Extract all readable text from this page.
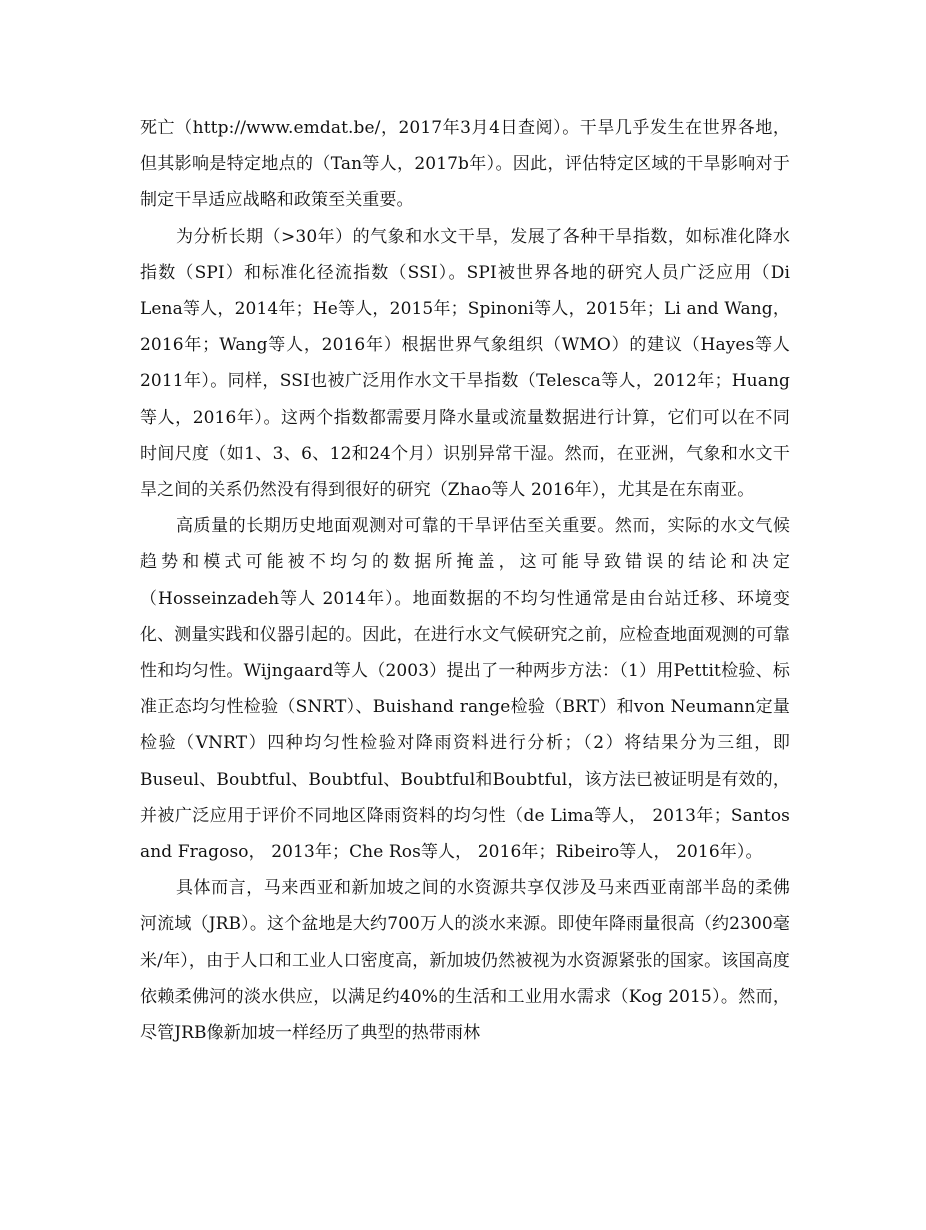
死亡（http://www.emdat.be/，2017年3月4日查阅）。干旱几乎发生在世界各地，但其影响是特定地点的（Tan等人，2017b年）。因此，评估特定区域的干旱影响对于制定干旱适应战略和政策至关重要。

为分析长期（>30年）的气象和水文干旱，发展了各种干旱指数，如标准化降水指数（SPI）和标准化径流指数（SSI）。SPI被世界各地的研究人员广泛应用（Di Lena等人，2014年；He等人，2015年；Spinoni等人，2015年；Li and Wang，2016年；Wang等人，2016年）根据世界气象组织（WMO）的建议（Hayes等人 2011年）。同样，SSI也被广泛用作水文干旱指数（Telesca等人，2012年；Huang等人，2016年）。这两个指数都需要月降水量或流量数据进行计算，它们可以在不同时间尺度（如1、3、6、12和24个月）识别异常干湿。然而，在亚洲，气象和水文干旱之间的关系仍然没有得到很好的研究（Zhao等人 2016年），尤其是在东南亚。

高质量的长期历史地面观测对可靠的干旱评估至关重要。然而，实际的水文气候趋势和模式可能被不均匀的数据所掩盖，这可能导致错误的结论和决定（Hosseinzadeh等人 2014年）。地面数据的不均匀性通常是由台站迁移、环境变化、测量实践和仪器引起的。因此，在进行水文气候研究之前，应检查地面观测的可靠性和均匀性。Wijngaard等人（2003）提出了一种两步方法：（1）用Pettit检验、标准正态均匀性检验（SNRT）、Buishand range检验（BRT）和von Neumann定量检验（VNRT）四种均匀性检验对降雨资料进行分析；（2）将结果分为三组，即Buseul、Boubtful、Boubtful、Boubtful和Boubtful，该方法已被证明是有效的，并被广泛应用于评价不同地区降雨资料的均匀性（de Lima等人， 2013年；Santos and Fragoso， 2013年；Che Ros等人， 2016年；Ribeiro等人， 2016年）。

具体而言，马来西亚和新加坡之间的水资源共享仅涉及马来西亚南部半岛的柔佛河流域（JRB）。这个盆地是大约700万人的淡水来源。即使年降雨量很高（约2300毫米/年），由于人口和工业人口密度高，新加坡仍然被视为水资源紧张的国家。该国高度依赖柔佛河的淡水供应，以满足约40%的生活和工业用水需求（Kog 2015）。然而，尽管JRB像新加坡一样经历了典型的热带雨林
